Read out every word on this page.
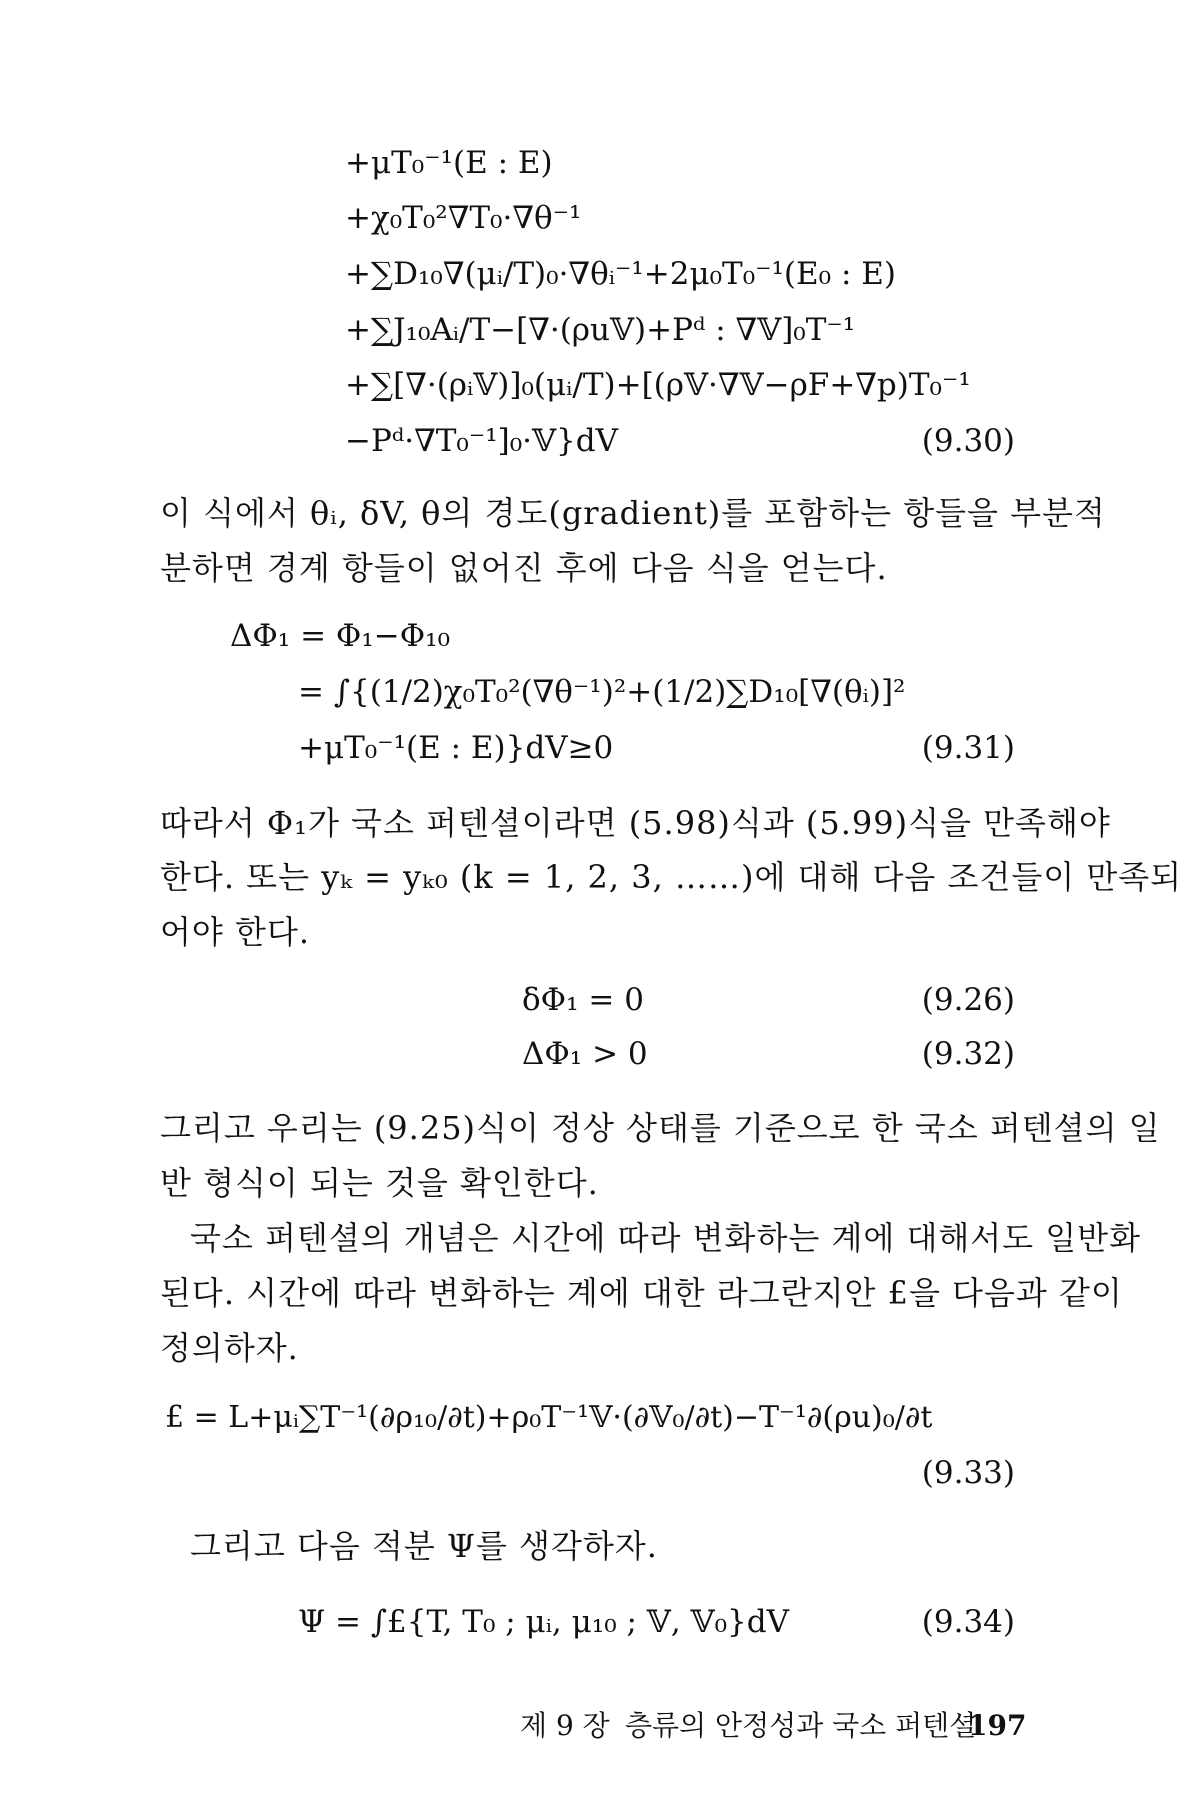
+μT₀⁻¹(E : E)
+χ₀T₀²∇T₀·∇θ⁻¹
+∑D₁₀∇(μᵢ/T)₀·∇θᵢ⁻¹+2μ₀T₀⁻¹(E₀ : E)
+∑J₁₀Aᵢ/T−[∇·(ρu𝕍)+Pᵈ : ∇𝕍]₀T⁻¹
+∑[∇·(ρᵢ𝕍)]₀(μᵢ/T)+[(ρ𝕍·∇𝕍−ρF+∇p)T₀⁻¹
−Pᵈ·∇T₀⁻¹]₀·𝕍}dV	(9.30)
이 식에서 θᵢ, δV, θ의 경도(gradient)를 포함하는 항들을 부분적
분하면 경계 항들이 없어진 후에 다음 식을 얻는다.
ΔΦ₁ = Φ₁−Φ₁₀
= ∫{(1/2)χ₀T₀²(∇θ⁻¹)²+(1/2)∑D₁₀[∇(θᵢ)]²
+μT₀⁻¹(E : E)}dV≥0	(9.31)
따라서 Φ₁가 국소 퍼텐셜이라면 (5.98)식과 (5.99)식을 만족해야
한다. 또는 yₖ = yₖ₀ (k = 1, 2, 3, ……)에 대해 다음 조건들이 만족되
어야 한다.
δΦ₁ = 0	(9.26)
ΔΦ₁ > 0	(9.32)
그리고 우리는 (9.25)식이 정상 상태를 기준으로 한 국소 퍼텐셜의 일
반 형식이 되는 것을 확인한다.
국소 퍼텐셜의 개념은 시간에 따라 변화하는 계에 대해서도 일반화
된다. 시간에 따라 변화하는 계에 대한 라그란지안 £을 다음과 같이
정의하자.
£ = L+μᵢ∑T⁻¹(∂ρ₁₀/∂t)+ρ₀T⁻¹𝕍·(∂𝕍₀/∂t)−T⁻¹∂(ρu)₀/∂t
(9.33)
그리고 다음 적분 Ψ를 생각하자.
Ψ = ∫£{T, T₀ ; μᵢ, μ₁₀ ; 𝕍, 𝕍₀}dV	(9.34)
제 9 장 층류의 안정성과 국소 퍼텐셜
197
